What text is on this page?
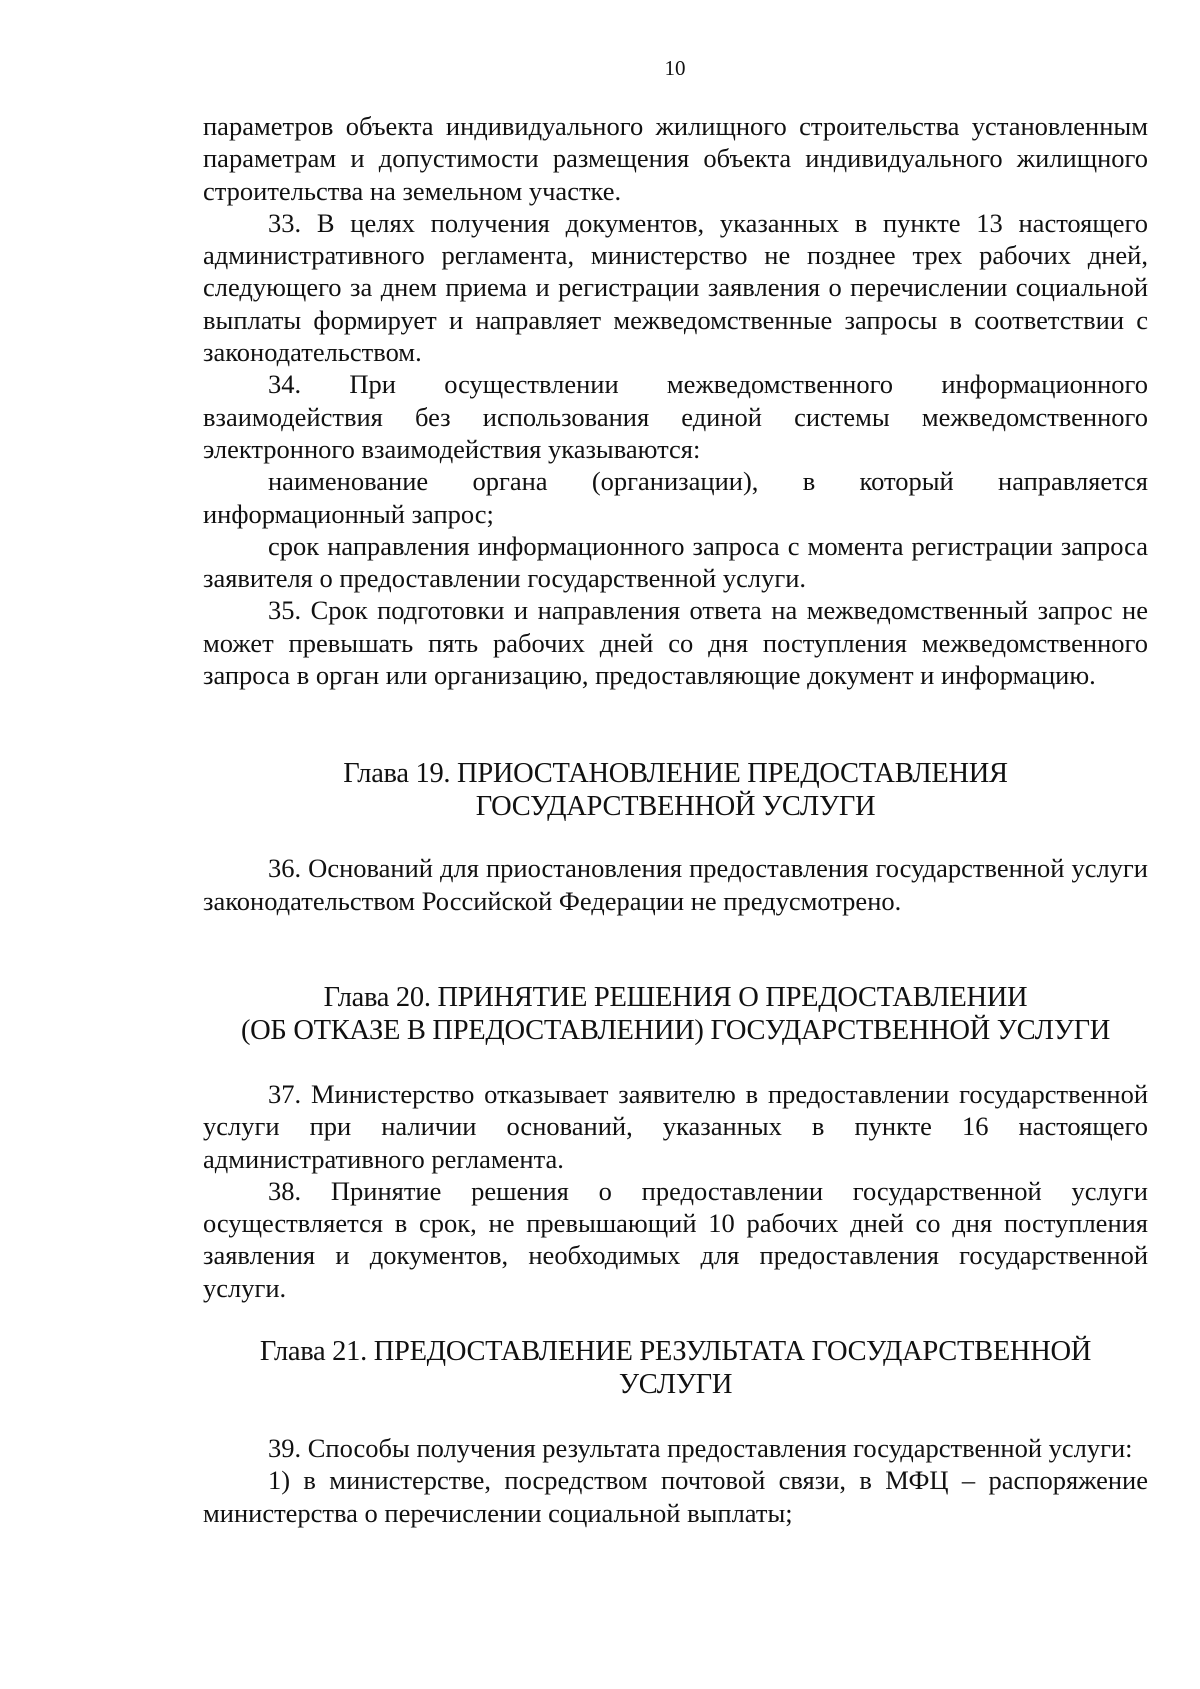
10

параметров объекта индивидуального жилищного строительства установленным параметрам и допустимости размещения объекта индивидуального жилищного строительства на земельном участке.

33. В целях получения документов, указанных в пункте 13 настоящего административного регламента, министерство не позднее трех рабочих дней, следующего за днем приема и регистрации заявления о перечислении социальной выплаты формирует и направляет межведомственные запросы в соответствии с законодательством.

34. При осуществлении межведомственного информационного взаимодействия без использования единой системы межведомственного электронного взаимодействия указываются:

наименование органа (организации), в который направляется информационный запрос;

срок направления информационного запроса с момента регистрации запроса заявителя о предоставлении государственной услуги.

35. Срок подготовки и направления ответа на межведомственный запрос не может превышать пять рабочих дней со дня поступления межведомственного запроса в орган или организацию, предоставляющие документ и информацию.

Глава 19. ПРИОСТАНОВЛЕНИЕ ПРЕДОСТАВЛЕНИЯ
ГОСУДАРСТВЕННОЙ УСЛУГИ

36. Оснований для приостановления предоставления государственной услуги законодательством Российской Федерации не предусмотрено.

Глава 20. ПРИНЯТИЕ РЕШЕНИЯ О ПРЕДОСТАВЛЕНИИ
(ОБ ОТКАЗЕ В ПРЕДОСТАВЛЕНИИ) ГОСУДАРСТВЕННОЙ УСЛУГИ

37. Министерство отказывает заявителю в предоставлении государственной услуги при наличии оснований, указанных в пункте 16 настоящего административного регламента.

38. Принятие решения о предоставлении государственной услуги осуществляется в срок, не превышающий 10 рабочих дней со дня поступления заявления и документов, необходимых для предоставления государственной услуги.

Глава 21. ПРЕДОСТАВЛЕНИЕ РЕЗУЛЬТАТА ГОСУДАРСТВЕННОЙ
УСЛУГИ

39. Способы получения результата предоставления государственной услуги:

1) в министерстве, посредством почтовой связи, в МФЦ – распоряжение министерства о перечислении социальной выплаты;
